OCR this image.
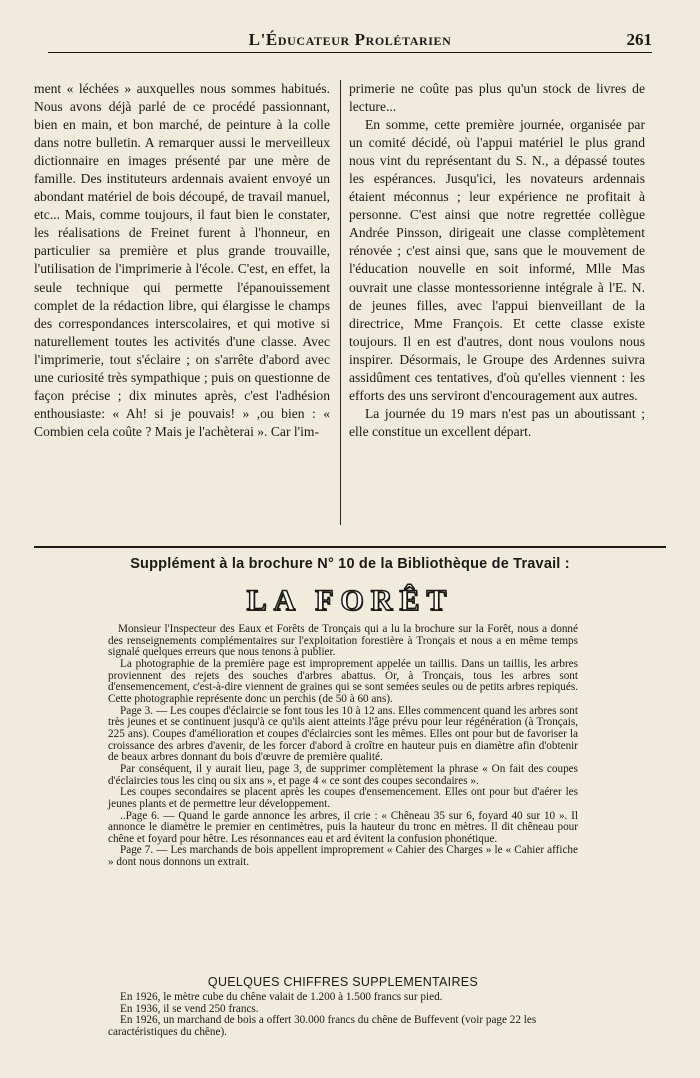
L'Éducateur Prolétarien	261

ment « léchées » auxquelles nous sommes habitués. Nous avons déjà parlé de ce procédé passionnant, bien en main, et bon marché, de peinture à la colle dans notre bulletin. A remarquer aussi le merveilleux dictionnaire en images présenté par une mère de famille. Des instituteurs ardennais avaient envoyé un abondant matériel de bois découpé, de travail manuel, etc... Mais, comme toujours, il faut bien le constater, les réalisations de Freinet furent à l'honneur, en particulier sa première et plus grande trouvaille, l'utilisation de l'imprimerie à l'école. C'est, en effet, la seule technique qui permette l'épanouissement complet de la rédaction libre, qui élargisse le champs des correspondances interscolaires, et qui motive si naturellement toutes les activités d'une classe. Avec l'imprimerie, tout s'éclaire ; on s'arrête d'abord avec une curiosité très sympathique ; puis on questionne de façon précise ; dix minutes après, c'est l'adhésion enthousiaste: « Ah! si je pouvais! » ,ou bien : « Combien cela coûte ? Mais je l'achèterai ». Car l'im-

primerie ne coûte pas plus qu'un stock de livres de lecture...

En somme, cette première journée, organisée par un comité décidé, où l'appui matériel le plus grand nous vint du représentant du S. N., a dépassé toutes les espérances. Jusqu'ici, les novateurs ardennais étaient méconnus ; leur expérience ne profitait à personne. C'est ainsi que notre regrettée collègue Andrée Pinsson, dirigeait une classe complètement rénovée ; c'est ainsi que, sans que le mouvement de l'éducation nouvelle en soit informé, Mlle Mas ouvrait une classe montessorienne intégrale à l'E. N. de jeunes filles, avec l'appui bienveillant de la directrice, Mme François. Et cette classe existe toujours. Il en est d'autres, dont nous voulons nous inspirer. Désormais, le Groupe des Ardennes suivra assidûment ces tentatives, d'où qu'elles viennent : les efforts des uns serviront d'encouragement aux autres.

La journée du 19 mars n'est pas un aboutissant ; elle constitue un excellent départ.

Supplément à la brochure N° 10 de la Bibliothèque de Travail :
LA FORÊT

Monsieur l'Inspecteur des Eaux et Forêts de Tronçais qui a lu la brochure sur la Forêt, nous a donné des renseignements complémentaires sur l'exploitation forestière à Tronçais et nous a en même temps signalé quelques erreurs que nous tenons à publier.

La photographie de la première page est improprement appelée un taillis. Dans un taillis, les arbres proviennent des rejets des souches d'arbres abattus. Or, à Tronçais, tous les arbres sont d'ensemencement, c'est-à-dire viennent de graines qui se sont semées seules ou de petits arbres repiqués. Cette photographie représente donc un perchis (de 50 à 60 ans).

Page 3. — Les coupes d'éclaircie se font tous les 10 à 12 ans. Elles commencent quand les arbres sont très jeunes et se continuent jusqu'à ce qu'ils aient atteints l'âge prévu pour leur régénération (à Tronçais, 225 ans). Coupes d'amélioration et coupes d'éclaircies sont les mêmes. Elles ont pour but de favoriser la croissance des arbres d'avenir, de les forcer d'abord à croître en hauteur puis en diamètre afin d'obtenir de beaux arbres donnant du bois d'œuvre de première qualité.

Par conséquent, il y aurait lieu, page 3, de supprimer complètement la phrase « On fait des coupes d'éclaircies tous les cinq ou six ans », et page 4 « ce sont des coupes secondaires ».

Les coupes secondaires se placent après les coupes d'ensemencement. Elles ont pour but d'aérer les jeunes plants et de permettre leur développement.

..Page 6. — Quand le garde annonce les arbres, il crie : « Chêneau 35 sur 6, foyard 40 sur 10 ». Il annonce le diamètre le premier en centimètres, puis la hauteur du tronc en mètres. Il dit chêneau pour chêne et foyard pour hêtre. Les résonnances eau et ard évitent la confusion phonétique.

Page 7. — Les marchands de bois appellent improprement « Cahier des Charges » le « Cahier affiche » dont nous donnons un extrait.

QUELQUES CHIFFRES SUPPLEMENTAIRES

En 1926, le mètre cube du chêne valait de 1.200 à 1.500 francs sur pied.

En 1936, il se vend 250 francs.

En 1926, un marchand de bois a offert 30.000 francs du chêne de Buffevent (voir page 22 les caractéristiques du chêne).
